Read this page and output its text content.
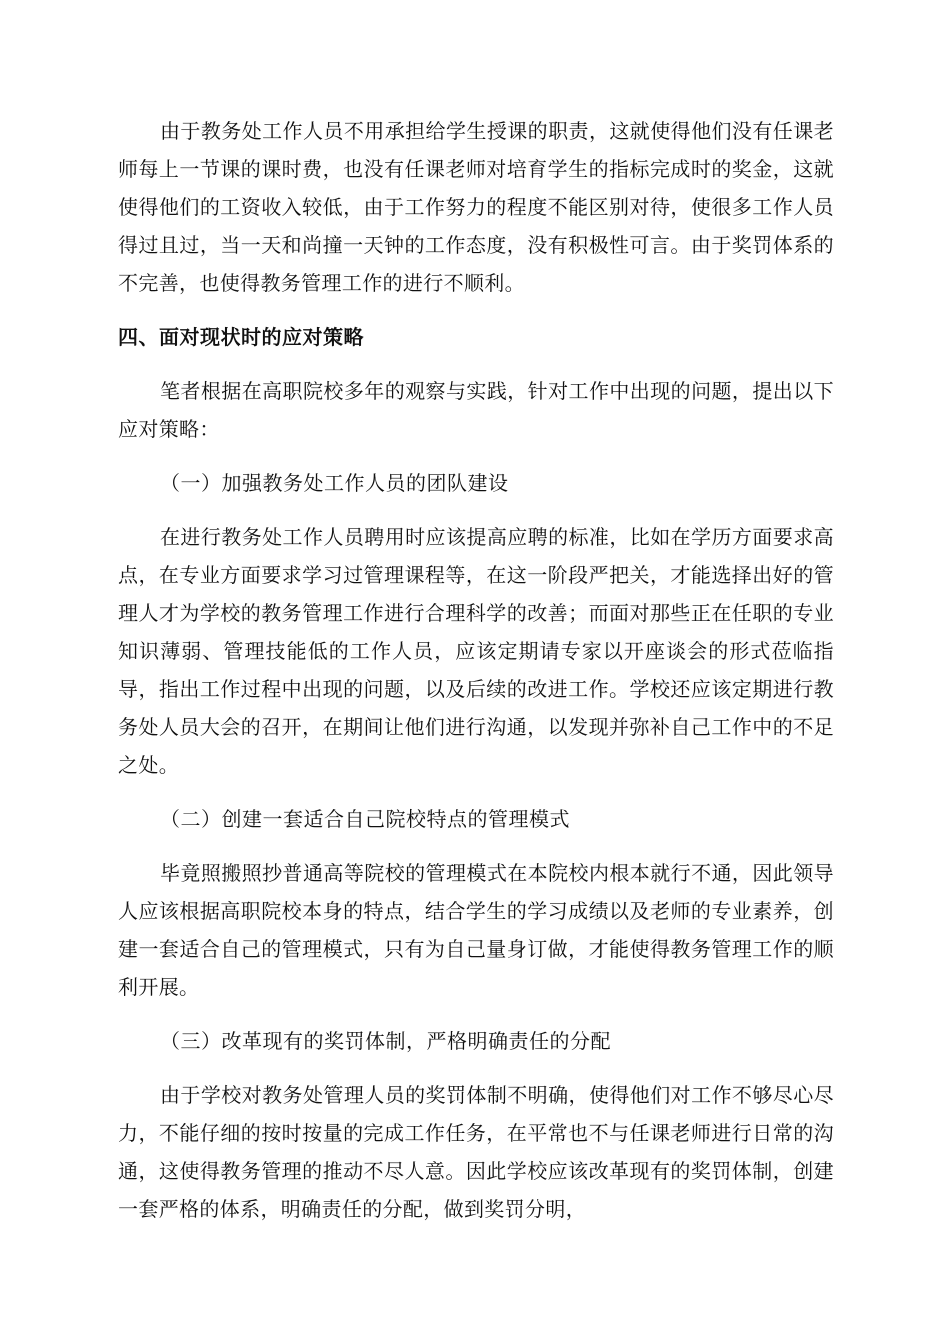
由于教务处工作人员不用承担给学生授课的职责，这就使得他们没有任课老师每上一节课的课时费，也没有任课老师对培育学生的指标完成时的奖金，这就使得他们的工资收入较低，由于工作努力的程度不能区别对待，使很多工作人员得过且过，当一天和尚撞一天钟的工作态度，没有积极性可言。由于奖罚体系的不完善，也使得教务管理工作的进行不顺利。

四、面对现状时的应对策略

笔者根据在高职院校多年的观察与实践，针对工作中出现的问题，提出以下应对策略：

（一）加强教务处工作人员的团队建设

在进行教务处工作人员聘用时应该提高应聘的标准，比如在学历方面要求高点，在专业方面要求学习过管理课程等，在这一阶段严把关，才能选择出好的管理人才为学校的教务管理工作进行合理科学的改善；而面对那些正在任职的专业知识薄弱、管理技能低的工作人员，应该定期请专家以开座谈会的形式莅临指导，指出工作过程中出现的问题，以及后续的改进工作。学校还应该定期进行教务处人员大会的召开，在期间让他们进行沟通，以发现并弥补自己工作中的不足之处。

（二）创建一套适合自己院校特点的管理模式

毕竟照搬照抄普通高等院校的管理模式在本院校内根本就行不通，因此领导人应该根据高职院校本身的特点，结合学生的学习成绩以及老师的专业素养，创建一套适合自己的管理模式，只有为自己量身订做，才能使得教务管理工作的顺利开展。

（三）改革现有的奖罚体制，严格明确责任的分配

由于学校对教务处管理人员的奖罚体制不明确，使得他们对工作不够尽心尽力，不能仔细的按时按量的完成工作任务，在平常也不与任课老师进行日常的沟通，这使得教务管理的推动不尽人意。因此学校应该改革现有的奖罚体制，创建一套严格的体系，明确责任的分配，做到奖罚分明，
